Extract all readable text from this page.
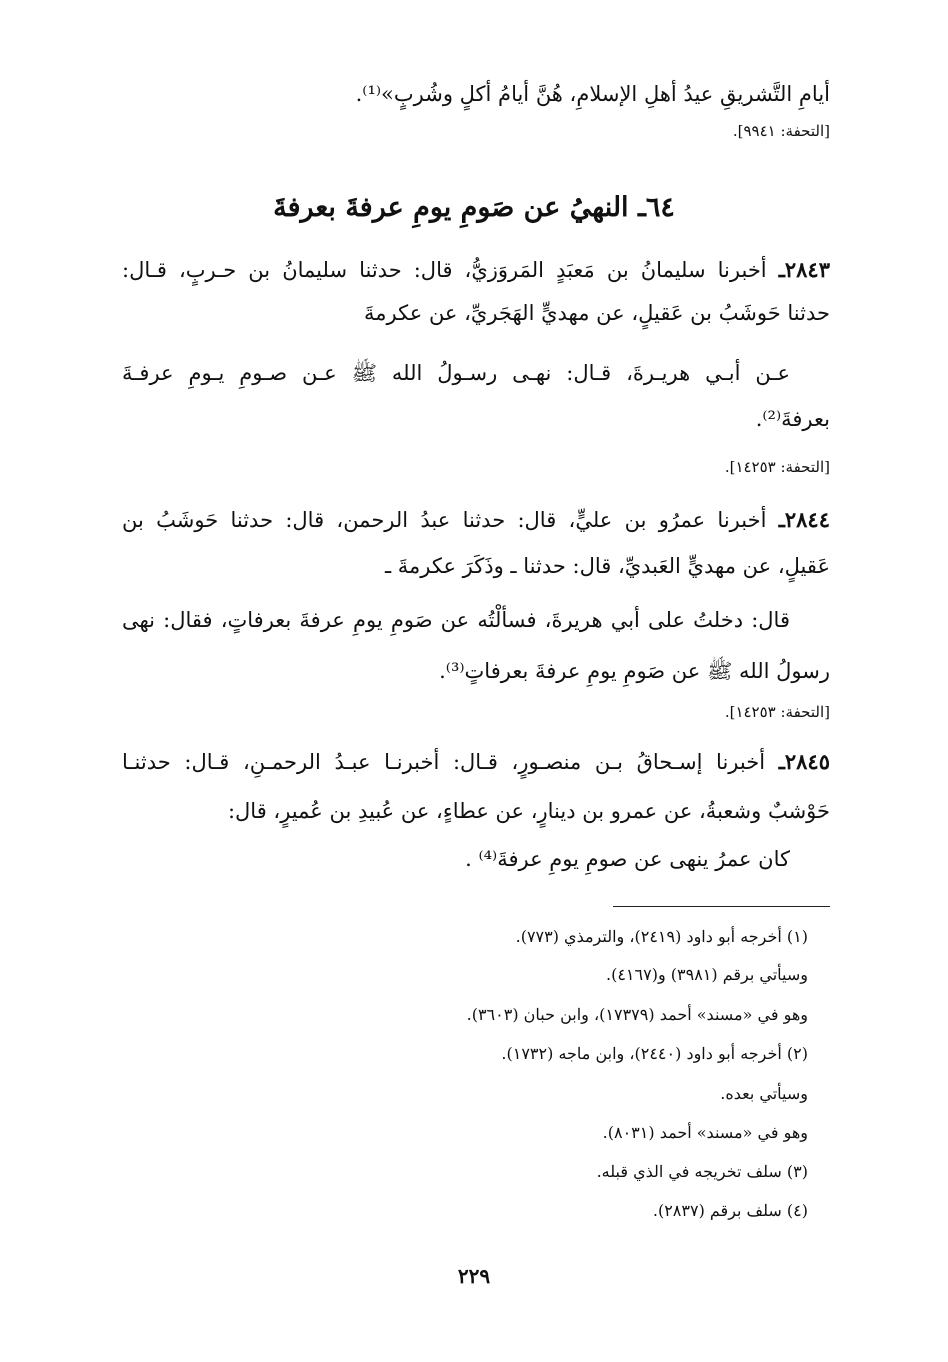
أيامِ التَّشريقِ عيدُ أهلِ الإسلامِ، هُنَّ أيامُ أكلٍ وشُربٍ»⁽¹⁾.
[التحفة: ٩٩٤١].
٦٤ـ النهيُ عن صَومِ يومِ عرفةَ بعرفةَ
٢٨٤٣ـ أخبرنا سليمانُ بن مَعبَدٍ المَروَزيُّ، قال: حدثنا سليمانُ بن حـربٍ، قـال:
حدثنا حَوشَبُ بن عَقيلٍ، عن مهديٍّ الهَجَريِّ، عن عكرمةَ
عـن أبـي هريـرةَ، قـال: نهـى رسـولُ الله ﷺ عـن صـومِ يـومِ عرفـةَ
بعرفةَ⁽²⁾.
[التحفة: ١٤٢٥٣].
٢٨٤٤ـ أخبرنا عمرُو بن عليٍّ، قال: حدثنا عبدُ الرحمن، قال: حدثنا حَوشَبُ بن
عَقيلٍ، عن مهديٍّ العَبديِّ، قال: حدثنا ـ وذَكَرَ عكرمةَ ـ
قال: دخلتُ على أبي هريرةَ، فسألْتُه عن صَومِ يومِ عرفةَ بعرفاتٍ، فقال: نهى
رسولُ الله ﷺ عن صَومِ يومِ عرفةَ بعرفاتٍ⁽³⁾.
[التحفة: ١٤٢٥٣].
٢٨٤٥ـ أخبرنا إسـحاقُ بـن منصـورٍ، قـال: أخبرنـا عبـدُ الرحمـنِ، قـال: حدثنـا
حَوْشبٌ وشعبةُ، عن عمرو بن دينارٍ، عن عطاءٍ، عن عُبيدِ بن عُميرٍ، قال:
كان عمرُ ينهى عن صومِ يومِ عرفةَ⁽⁴⁾ .
(١) أخرجه أبو داود (٢٤١٩)، والترمذي (٧٧٣).
وسيأتي برقم (٣٩٨١) و(٤١٦٧).
وهو في «مسند» أحمد (١٧٣٧٩)، وابن حبان (٣٦٠٣).
(٢) أخرجه أبو داود (٢٤٤٠)، وابن ماجه (١٧٣٢).
وسيأتي بعده.
وهو في «مسند» أحمد (٨٠٣١).
(٣) سلف تخريجه في الذي قبله.
(٤) سلف برقم (٢٨٣٧).
٢٢٩
